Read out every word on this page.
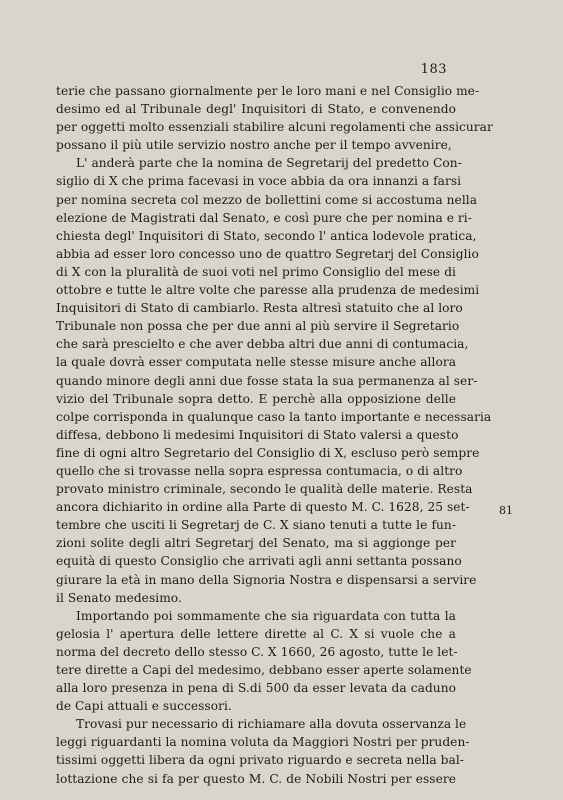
183
terie che passano giornalmente per le loro mani e nel Consiglio me-
desimo ed al Tribunale degl' Inquisitori di Stato, e convenendo
per oggetti molto essenziali stabilire alcuni regolamenti che assicurar
possano il più utile servizio nostro anche per il tempo avvenire,
L' anderà parte che la nomina de Segretarij del predetto Con-
siglio di X che prima facevasi in voce abbia da ora innanzi a farsi
per nomina secreta col mezzo de bollettini come si accostuma nella
elezione de Magistrati dal Senato, e così pure che per nomina e ri-
chiesta degl' Inquisitori di Stato, secondo l' antica lodevole pratica,
abbia ad esser loro concesso uno de quattro Segretarj del Consiglio
di X con la pluralità de suoi voti nel primo Consiglio del mese di
ottobre e tutte le altre volte che paresse alla prudenza de medesimi
Inquisitori di Stato di cambiarlo. Resta altresì statuito che al loro
Tribunale non possa che per due anni al più servire il Segretario
che sarà prescielto e che aver debba altri due anni di contumacia,
la quale dovrà esser computata nelle stesse misure anche allora
quando minore degli anni due fosse stata la sua permanenza al ser-
vizio del Tribunale sopra detto. E perchè alla opposizione delle
colpe corrisponda in qualunque caso la tanto importante e necessaria
diffesa, debbono li medesimi Inquisitori di Stato valersi a questo
fine di ogni altro Segretario del Consiglio di X, escluso però sempre
quello che si trovasse nella sopra espressa contumacia, o di altro
provato ministro criminale, secondo le qualità delle materie. Resta
ancora dichiarito in ordine alla Parte di questo M. C. 1628, 25 set-
tembre che usciti li Segretarj de C. X siano tenuti a tutte le fun-
zioni solite degli altri Segretarj del Senato, ma si aggionge per
equità di questo Consiglio che arrivati agli anni settanta possano
giurare la età in mano della Signoria Nostra e dispensarsi a servire
il Senato medesimo.
Importando poi sommamente che sia riguardata con tutta la
gelosia l' apertura delle lettere dirette al C. X si vuole che a
norma del decreto dello stesso C. X 1660, 26 agosto, tutte le let-
tere dirette a Capi del medesimo, debbano esser aperte solamente
alla loro presenza in pena di S.di 500 da esser levata da caduno
de Capi attuali e successori.
Trovasi pur necessario di richiamare alla dovuta osservanza le
leggi riguardanti la nomina voluta da Maggiori Nostri per pruden-
tissimi oggetti libera da ogni privato riguardo e secreta nella bal-
lottazione che si fa per questo M. C. de Nobili Nostri per essere
81
